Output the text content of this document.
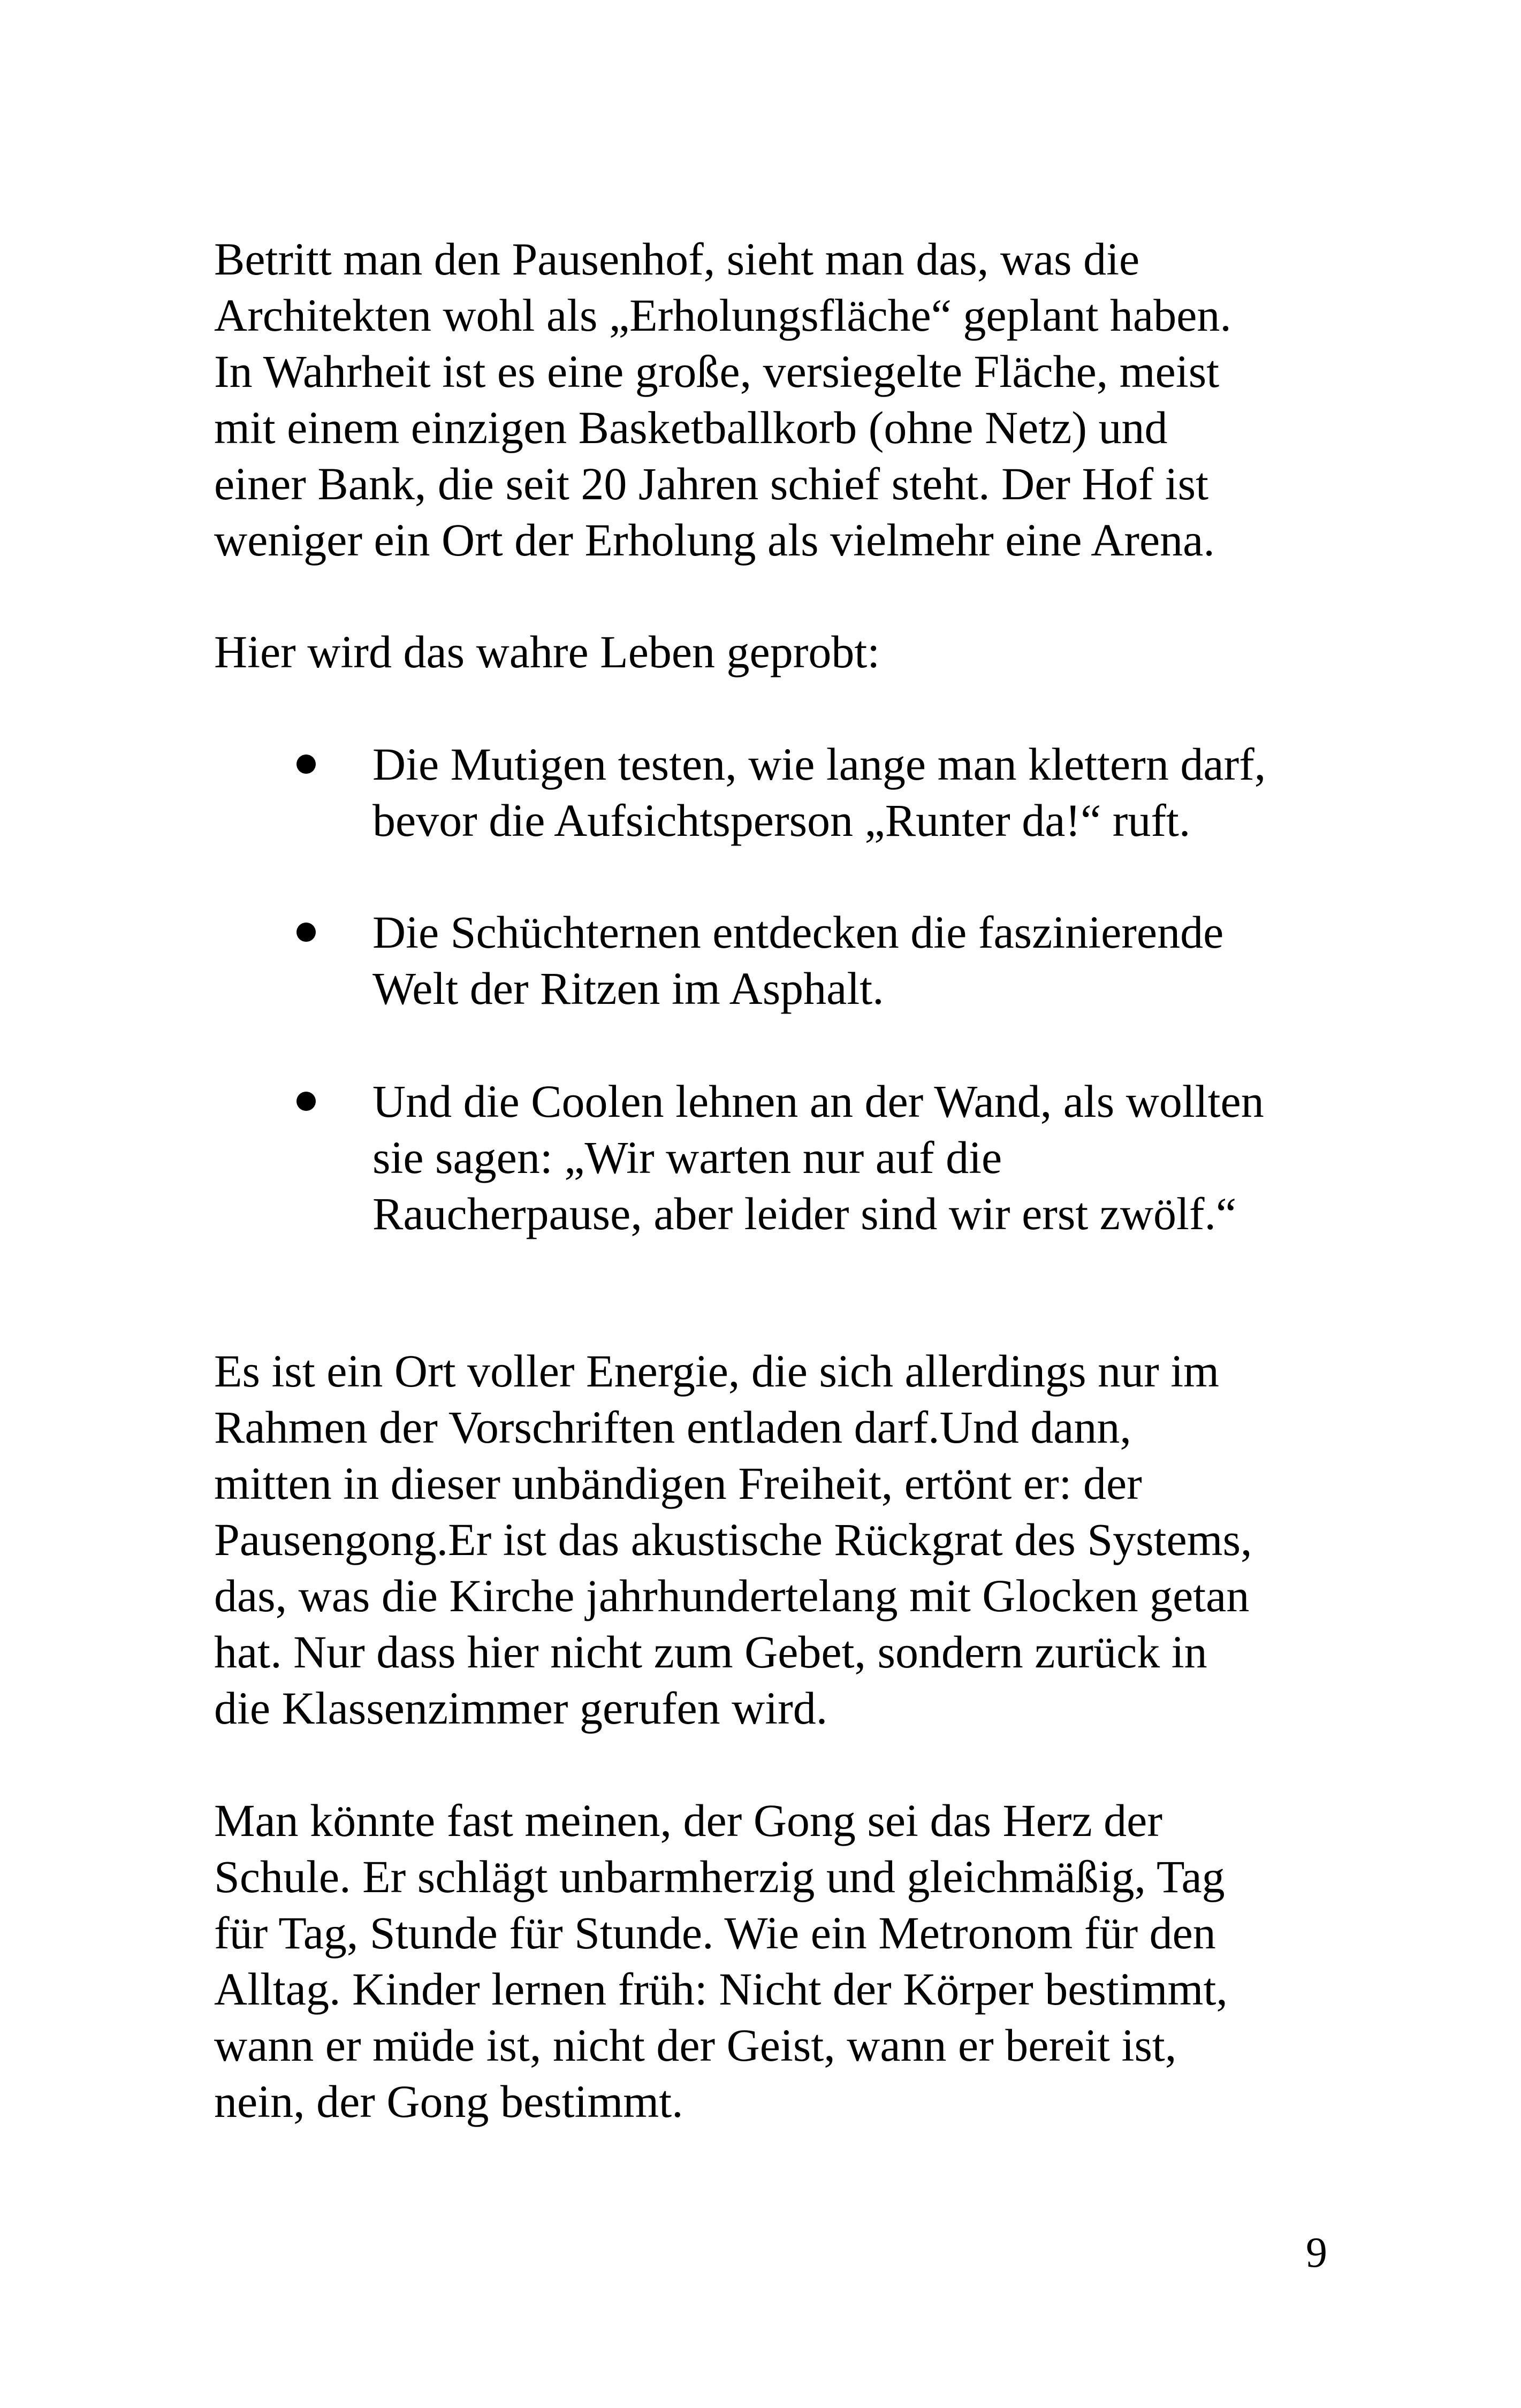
Betritt man den Pausenhof, sieht man das, was die
Architekten wohl als „Erholungsfläche“ geplant haben.
In Wahrheit ist es eine große, versiegelte Fläche, meist
mit einem einzigen Basketballkorb (ohne Netz) und
einer Bank, die seit 20 Jahren schief steht. Der Hof ist
weniger ein Ort der Erholung als vielmehr eine Arena.

Hier wird das wahre Leben geprobt:

Die Mutigen testen, wie lange man klettern darf,
bevor die Aufsichtsperson „Runter da!“ ruft.
Die Schüchternen entdecken die faszinierende
Welt der Ritzen im Asphalt.
Und die Coolen lehnen an der Wand, als wollten
sie sagen: „Wir warten nur auf die
Raucherpause, aber leider sind wir erst zwölf.“

Es ist ein Ort voller Energie, die sich allerdings nur im
Rahmen der Vorschriften entladen darf.Und dann,
mitten in dieser unbändigen Freiheit, ertönt er: der
Pausengong.Er ist das akustische Rückgrat des Systems,
das, was die Kirche jahrhundertelang mit Glocken getan
hat. Nur dass hier nicht zum Gebet, sondern zurück in
die Klassenzimmer gerufen wird.

Man könnte fast meinen, der Gong sei das Herz der
Schule. Er schlägt unbarmherzig und gleichmäßig, Tag
für Tag, Stunde für Stunde. Wie ein Metronom für den
Alltag. Kinder lernen früh: Nicht der Körper bestimmt,
wann er müde ist, nicht der Geist, wann er bereit ist,
nein, der Gong bestimmt.

9
